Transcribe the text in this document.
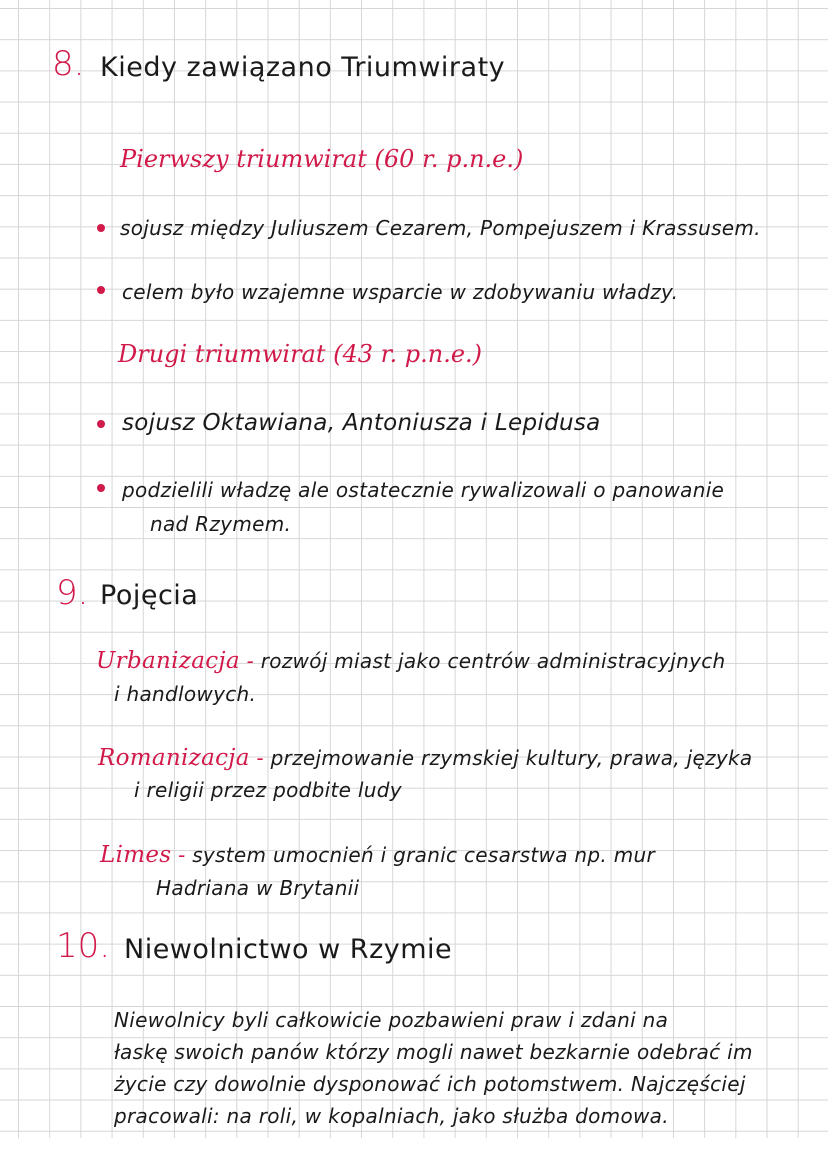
8. Kiedy zawiązano Triumwiraty
Pierwszy triumwirat (60 r. p.n.e.)
sojusz między Juliuszem Cezarem, Pompejuszem i Krassusem.
celem było wzajemne wsparcie w zdobywaniu władzy.
Drugi triumwirat (43 r. p.n.e.)
sojusz Oktawiana, Antoniusza i Lepidusa
podzielili władzę ale ostatecznie rywalizowali o panowanie
nad Rzymem.
9. Pojęcia
Urbanizacja - rozwój miast jako centrów administracyjnych
i handlowych.
Romanizacja - przejmowanie rzymskiej kultury, prawa, języka
i religii przez podbite ludy
Limes - system umocnień i granic cesarstwa np. mur
Hadriana w Brytanii
10. Niewolnictwo w Rzymie
Niewolnicy byli całkowicie pozbawieni praw i zdani na
łaskę swoich panów którzy mogli nawet bezkarnie odebrać im
życie czy dowolnie dysponować ich potomstwem. Najczęściej
pracowali: na roli, w kopalniach, jako służba domowa.
